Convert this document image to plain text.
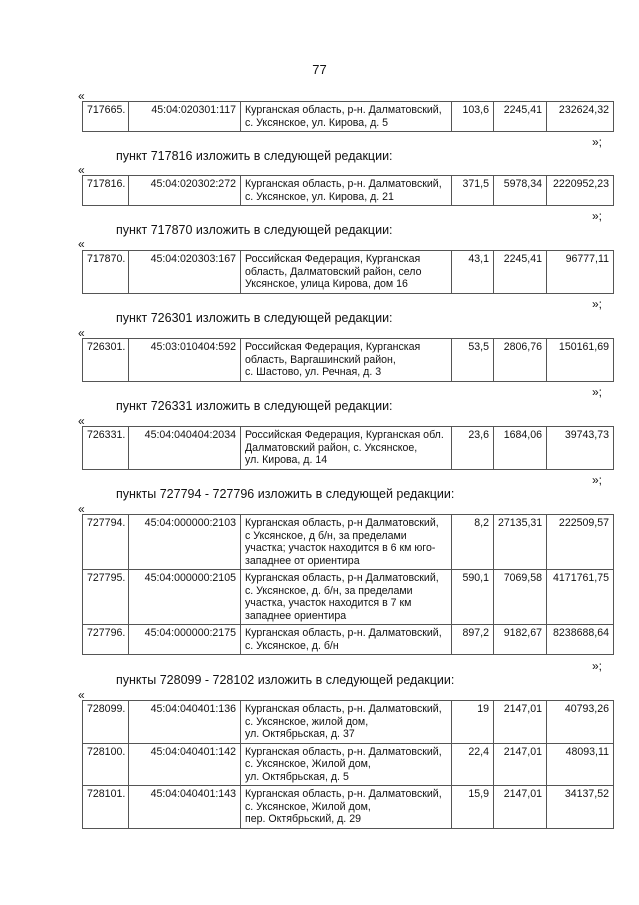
77
«
717665.	45:04:020301:117	Курганская область, р-н. Далматовский,
с. Уксянское, ул. Кирова, д. 5
	103,6	2245,41	232624,32
»;
пункт 717816 изложить в следующей редакции:
«
717816.	45:04:020302:272	Курганская область, р-н. Далматовский,
с. Уксянское, ул. Кирова, д. 21
	371,5	5978,34	2220952,23
»;
пункт 717870 изложить в следующей редакции:
«
717870.	45:04:020303:167	Российская Федерация, Курганская
область, Далматовский район, село
Уксянское, улица Кирова, дом 16
	43,1	2245,41	96777,11
»;
пункт 726301 изложить в следующей редакции:
«
726301.	45:03:010404:592	Российская Федерация, Курганская
область, Варгашинский район,
с. Шастово, ул. Речная, д. 3
	53,5	2806,76	150161,69
»;
пункт 726331 изложить в следующей редакции:
«
726331.	45:04:040404:2034	Российская Федерация, Курганская обл.
Далматовский район, с. Уксянское,
ул. Кирова, д. 14
	23,6	1684,06	39743,73
»;
пункты 727794 - 727796 изложить в следующей редакции:
«
727794.	45:04:000000:2103	Курганская область, р-н Далматовский,
с Уксянское, д б/н, за пределами
участка; участок находится в 6 км юго-
западнее от ориентира	8,2	27135,31	222509,57
727795.	45:04:000000:2105	Курганская область, р-н Далматовский,
с. Уксянское, д. б/н, за пределами
участка, участок находится в 7 км
западнее ориентира	590,1	7069,58	4171761,75
727796.	45:04:000000:2175	Курганская область, р-н. Далматовский,
с. Уксянское, д. б/н	897,2	9182,67	8238688,64
»;
пункты 728099 - 728102 изложить в следующей редакции:
«
728099.	45:04:040401:136	Курганская область, р-н. Далматовский,
с. Уксянское, жилой дом,
ул. Октябрьская, д. 37	19	2147,01	40793,26
728100.	45:04:040401:142	Курганская область, р-н. Далматовский,
с. Уксянское, Жилой дом,
ул. Октябрьская, д. 5	22,4	2147,01	48093,11
728101.	45:04:040401:143	Курганская область, р-н. Далматовский,
с. Уксянское, Жилой дом,
пер. Октябрьский, д. 29	15,9	2147,01	34137,52
